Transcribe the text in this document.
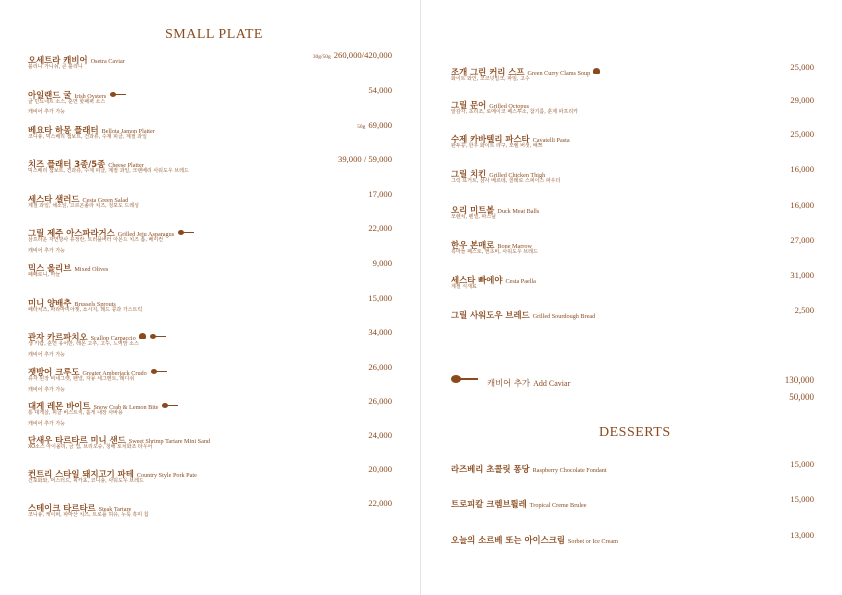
SMALL PLATE
오세트라 캐비어 Osetra Caviar
30g/50g 260,000/420,000
블리니 가니쉬, 콘 블리니
아일랜드 굴 Irish Oysters
54,000
굴 민뇨네트 소스, 훈연 핫페퍼 소스
캐비어 추가 가능
베요타 하몽 플래터 Bellota Jamon Platter
50g 69,000
코니숑, 믹스베리 잼보트, 건과류, 수제 피클, 계절 과일
치즈 플래터 3종/5종 Cheese Platter
39,000 / 59,000
믹스베리 잼보트, 건과류, 수제 피클, 계절 과일, 크랜베리 사워도우 브레드
세스타 샐러드 Cesta Green Salad
17,000
제철 과일, 채소잎, 고르곤졸라 치즈, 청포도 드레싱
그릴 제주 아스파라거스 Grilled Jeju Asparagus
22,000
삼프라운 자연방사 유정란, 트러플버터 아몬드 치즈 폼, 베이컨
캐비어 추가 가능
믹스 올리브 Mixed Olives
9,000
페페로니, 마늘
미니 양배추 Brussels Sprouts
15,000
페타치즈, 파라마미아젯, 소시지, 레드 콩과 가스트릭
관자 카르파치오 Scallop Carpaccio
34,000
생 키람, 훈연 유어만, 레몬 고추, 고수, 느억맘 소스
캐비어 추가 가능
잿방어 크루도 Greater Amberjack Crudo
26,000
유자 된장 비네그렛, 펜넬, 자몽 세그멘트, 래디쉬
캐비어 추가 가능
대게 레몬 바이트 Snow Crab & Lemon Bite
26,000
통 대게살, 피클 버스트치, 홀게 내장 사바용
캐비어 추가 가능
단새우 타르타르 미니 샌드 Sweet Shrimp Tartare Mini Sand
24,000
XO소스 아이올리, 금 껍, 브리오슈, 청해 토치화조 타우어
컨트리 스타일 돼지고기 파테 Country Style Pork Pate
20,000
건포화와, 머스터드, 피카쵸, 코니숑, 사워도우 브레드
스테이크 타르타르 Steak Tartare
22,000
코니숑, 케이퍼, 파마산 치즈, 트로플 허유, 누룩 흑미 칩
조개 그린 커리 스프 Green Curry Clams Soup
25,000
화이트 와인, 코코넛밀크, 파임, 고수
그릴 문어 Grilled Octopus
29,000
알감자, 초리조, 로메이코 페스투소, 참기름, 훈제 파프리카
수제 카바텔리 파스타 Cavatelli Pasta
25,000
완두콩, 한우 화이트 라구, 모렐 버섯, 배쯔
그릴 치킨 Grilled Chicken Thigh
16,000
그릭 요거트, 삼사 베르데, 콜레로 스퍼이스 파우더
오리 미트볼 Duck Meat Balls
16,000
모렌치, 펜넬, 파스님
한우 본매로 Bone Marrow
27,000
흑마늘 페스토, 엔초비, 사워도우 브레드
세스타 빠에야 Cesta Paella
31,000
계절 식재료
그릴 사워도우 브레드 Grilled Sourdough Bread
2,500
캐비어 추가 Add Caviar	130,000
50,000
DESSERTS
라즈베리 초콜릿 퐁당 Raspberry Chocolate Fondant
15,000
트로피칼 크렘브륄레 Tropical Creme Brulee
15,000
오늘의 소르베 또는 아이스크림 Sorbet or Ice Cream
13,000
